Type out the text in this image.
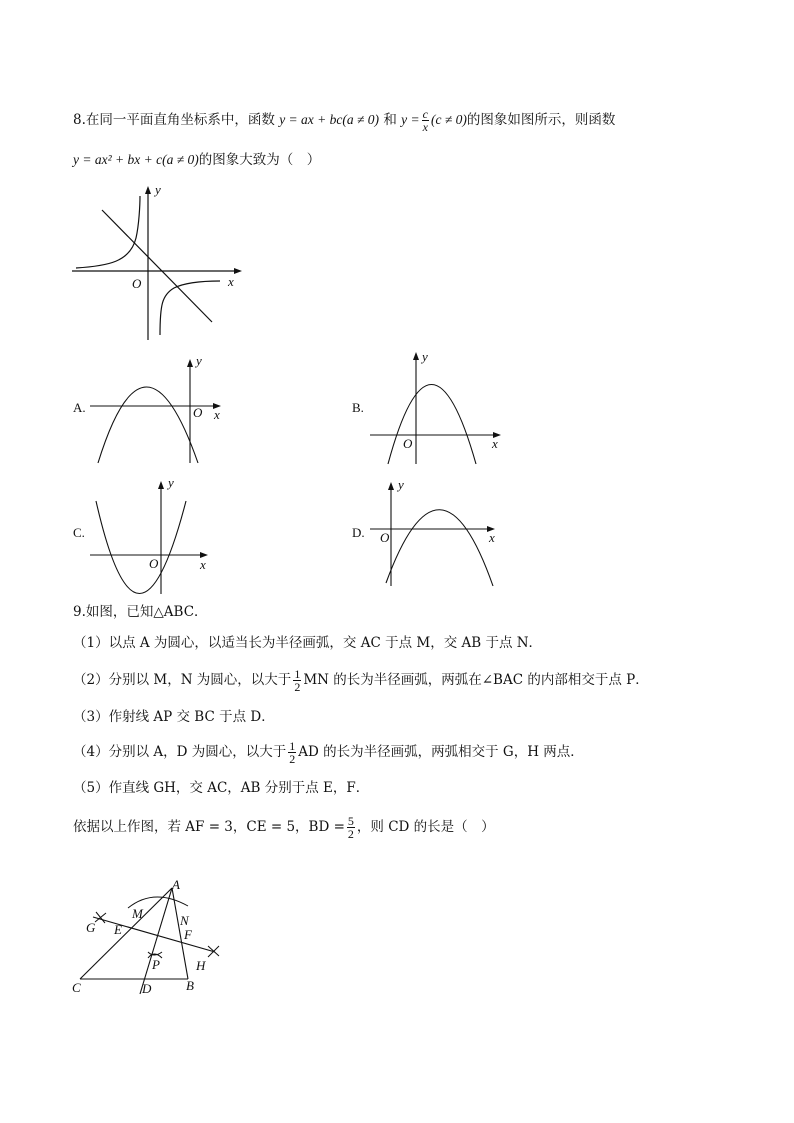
8.在同一平面直角坐标系中，函数 y = ax + bc(a ≠ 0) 和 $y = \frac{c}{x} (c \ne 0)$的图象如图所示，则函数
y = ax² + bx + c(a ≠ 0)的图象大致为（　）
O	x
y
A.	O x
y
B.
O	x
y
C.
O	x
y
D. O	x
y
9.如图，已知△ABC．
（1）以点 A 为圆心，以适当长为半径画弧，交 AC 于点 M，交 AB 于点 N．
（2）分别以 M，N 为圆心，以大于 $\frac{1}{2}$ MN 的长为半径画弧，两弧在∠BAC 的内部相交于点 P．
（3）作射线 AP 交 BC 于点 D．
（4）分别以 A，D 为圆心，以大于 $\frac{1}{2}$ AD 的长为半径画弧，两弧相交于 G，H 两点．
（5）作直线 GH，交 AC，AB 分别于点 E，F．
依据以上作图，若 AF = 3，CE = 5，BD = $\frac{5}{2}$ ，则 CD 的长是（　）
A
M	N
G E	F
P	H
C	D	B
